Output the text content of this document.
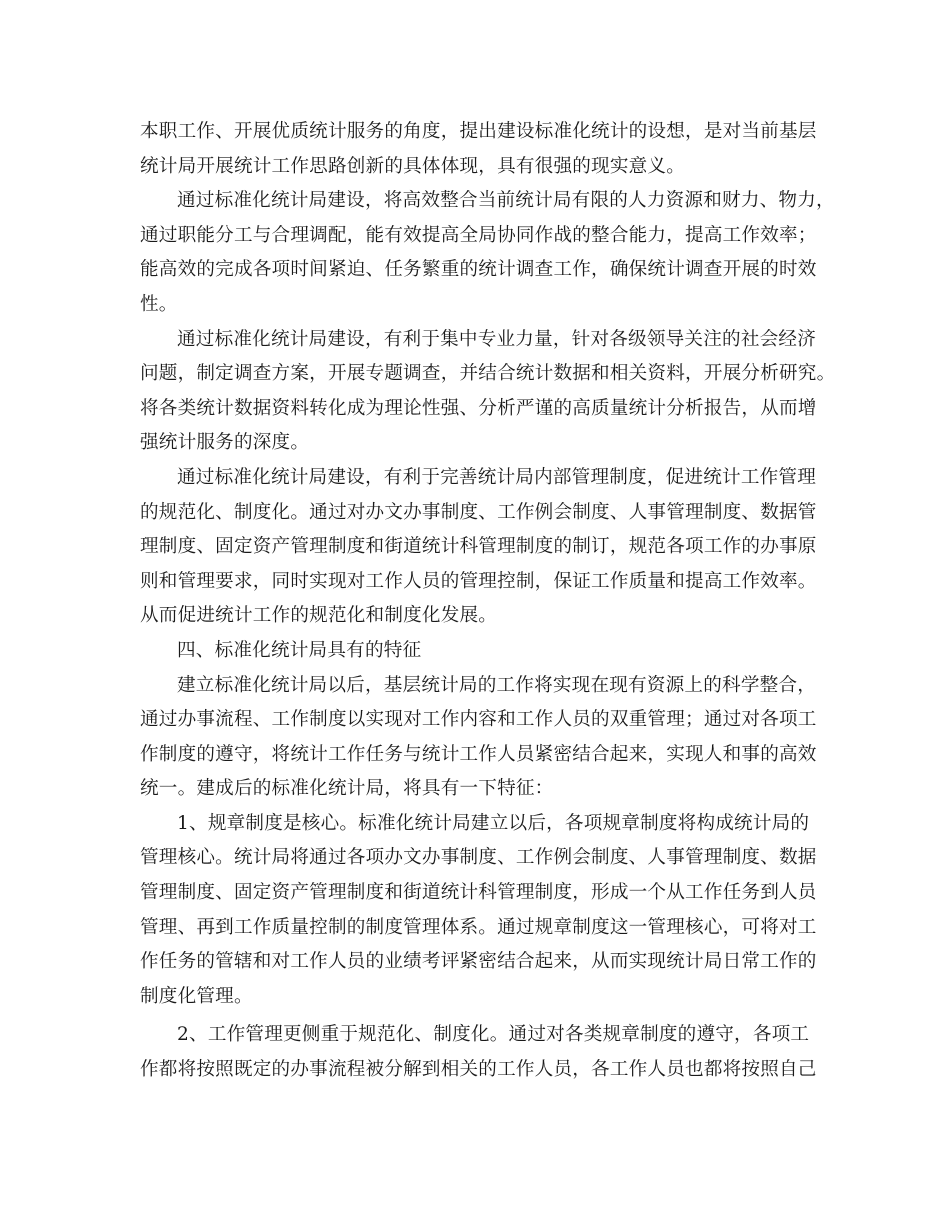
本职工作、开展优质统计服务的角度，提出建设标准化统计的设想，是对当前基层
统计局开展统计工作思路创新的具体体现，具有很强的现实意义。
通过标准化统计局建设，将高效整合当前统计局有限的人力资源和财力、物力，
通过职能分工与合理调配，能有效提高全局协同作战的整合能力，提高工作效率；
能高效的完成各项时间紧迫、任务繁重的统计调查工作，确保统计调查开展的时效
性。
通过标准化统计局建设，有利于集中专业力量，针对各级领导关注的社会经济
问题，制定调查方案，开展专题调查，并结合统计数据和相关资料，开展分析研究。
将各类统计数据资料转化成为理论性强、分析严谨的高质量统计分析报告，从而增
强统计服务的深度。
通过标准化统计局建设，有利于完善统计局内部管理制度，促进统计工作管理
的规范化、制度化。通过对办文办事制度、工作例会制度、人事管理制度、数据管
理制度、固定资产管理制度和街道统计科管理制度的制订，规范各项工作的办事原
则和管理要求，同时实现对工作人员的管理控制，保证工作质量和提高工作效率。
从而促进统计工作的规范化和制度化发展。
四、标准化统计局具有的特征
建立标准化统计局以后，基层统计局的工作将实现在现有资源上的科学整合，
通过办事流程、工作制度以实现对工作内容和工作人员的双重管理；通过对各项工
作制度的遵守，将统计工作任务与统计工作人员紧密结合起来，实现人和事的高效
统一。建成后的标准化统计局，将具有一下特征：
1、规章制度是核心。标准化统计局建立以后，各项规章制度将构成统计局的
管理核心。统计局将通过各项办文办事制度、工作例会制度、人事管理制度、数据
管理制度、固定资产管理制度和街道统计科管理制度，形成一个从工作任务到人员
管理、再到工作质量控制的制度管理体系。通过规章制度这一管理核心，可将对工
作任务的管辖和对工作人员的业绩考评紧密结合起来，从而实现统计局日常工作的
制度化管理。
2、工作管理更侧重于规范化、制度化。通过对各类规章制度的遵守，各项工
作都将按照既定的办事流程被分解到相关的工作人员，各工作人员也都将按照自己
